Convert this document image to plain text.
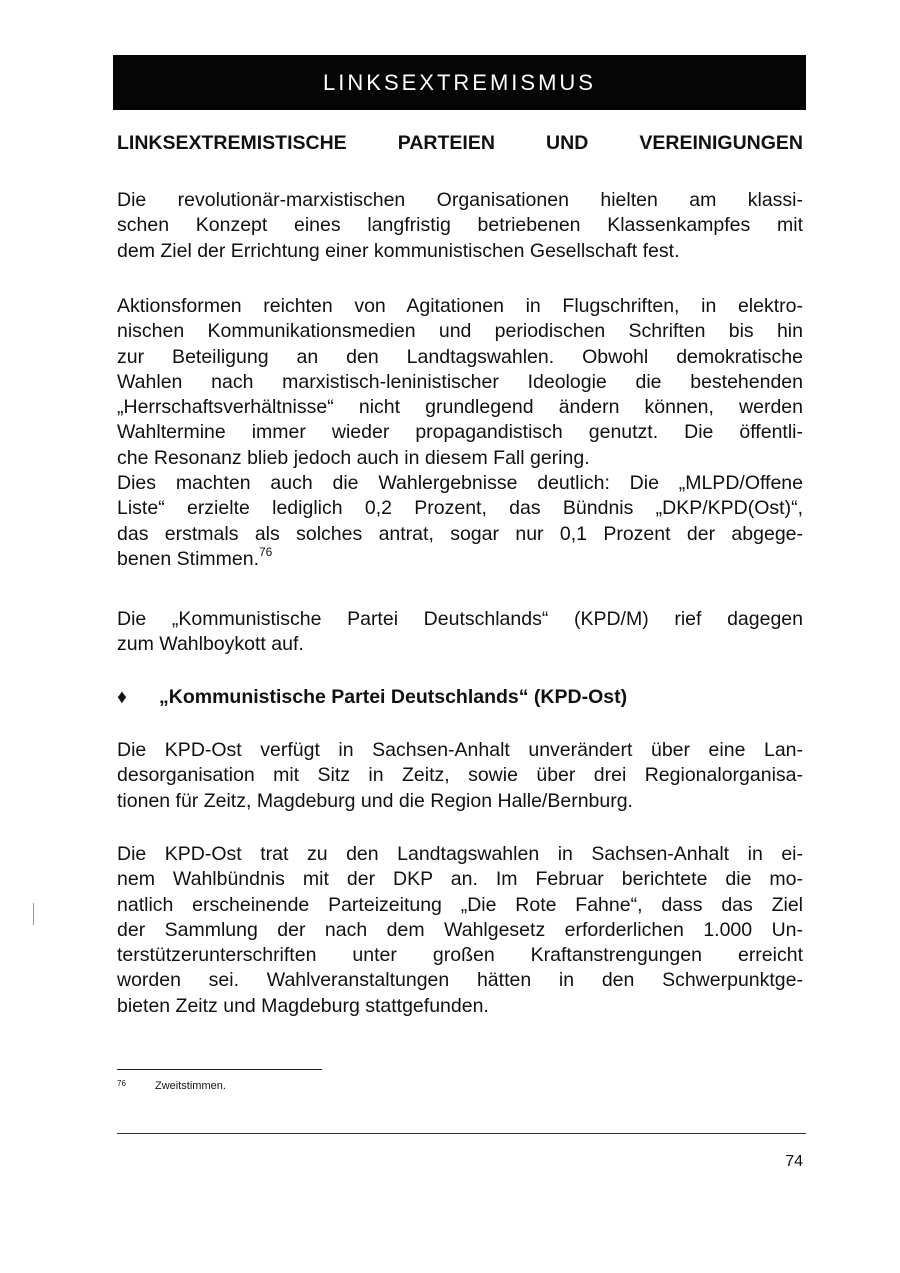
LINKSEXTREMISMUS
LINKSEXTREMISTISCHE PARTEIEN UND VEREINIGUNGEN
Die revolutionär-marxistischen Organisationen hielten am klassi-
schen Konzept eines langfristig betriebenen Klassenkampfes mit
dem Ziel der Errichtung einer kommunistischen Gesellschaft fest.
Aktionsformen reichten von Agitationen in Flugschriften, in elektro-
nischen Kommunikationsmedien und periodischen Schriften bis hin
zur Beteiligung an den Landtagswahlen. Obwohl demokratische
Wahlen nach marxistisch-leninistischer Ideologie die bestehenden
„Herrschaftsverhältnisse“ nicht grundlegend ändern können, werden
Wahltermine immer wieder propagandistisch genutzt. Die öffentli-
che Resonanz blieb jedoch auch in diesem Fall gering.
Dies machten auch die Wahlergebnisse deutlich: Die „MLPD/Offene
Liste“ erzielte lediglich 0,2 Prozent, das Bündnis „DKP/KPD(Ost)“,
das erstmals als solches antrat, sogar nur 0,1 Prozent der abgege-
benen Stimmen.$^{76}$
Die „Kommunistische Partei Deutschlands“ (KPD/M) rief dagegen
zum Wahlboykott auf.
♦ „Kommunistische Partei Deutschlands“ (KPD-Ost)
Die KPD-Ost verfügt in Sachsen-Anhalt unverändert über eine Lan-
desorganisation mit Sitz in Zeitz, sowie über drei Regionalorganisa-
tionen für Zeitz, Magdeburg und die Region Halle/Bernburg.
Die KPD-Ost trat zu den Landtagswahlen in Sachsen-Anhalt in ei-
nem Wahlbündnis mit der DKP an. Im Februar berichtete die mo-
natlich erscheinende Parteizeitung „Die Rote Fahne“, dass das Ziel
der Sammlung der nach dem Wahlgesetz erforderlichen 1.000 Un-
terstützerunterschriften unter großen Kraftanstrengungen erreicht
worden sei. Wahlveranstaltungen hätten in den Schwerpunktge-
bieten Zeitz und Magdeburg stattgefunden.
76	Zweitstimmen.
74
